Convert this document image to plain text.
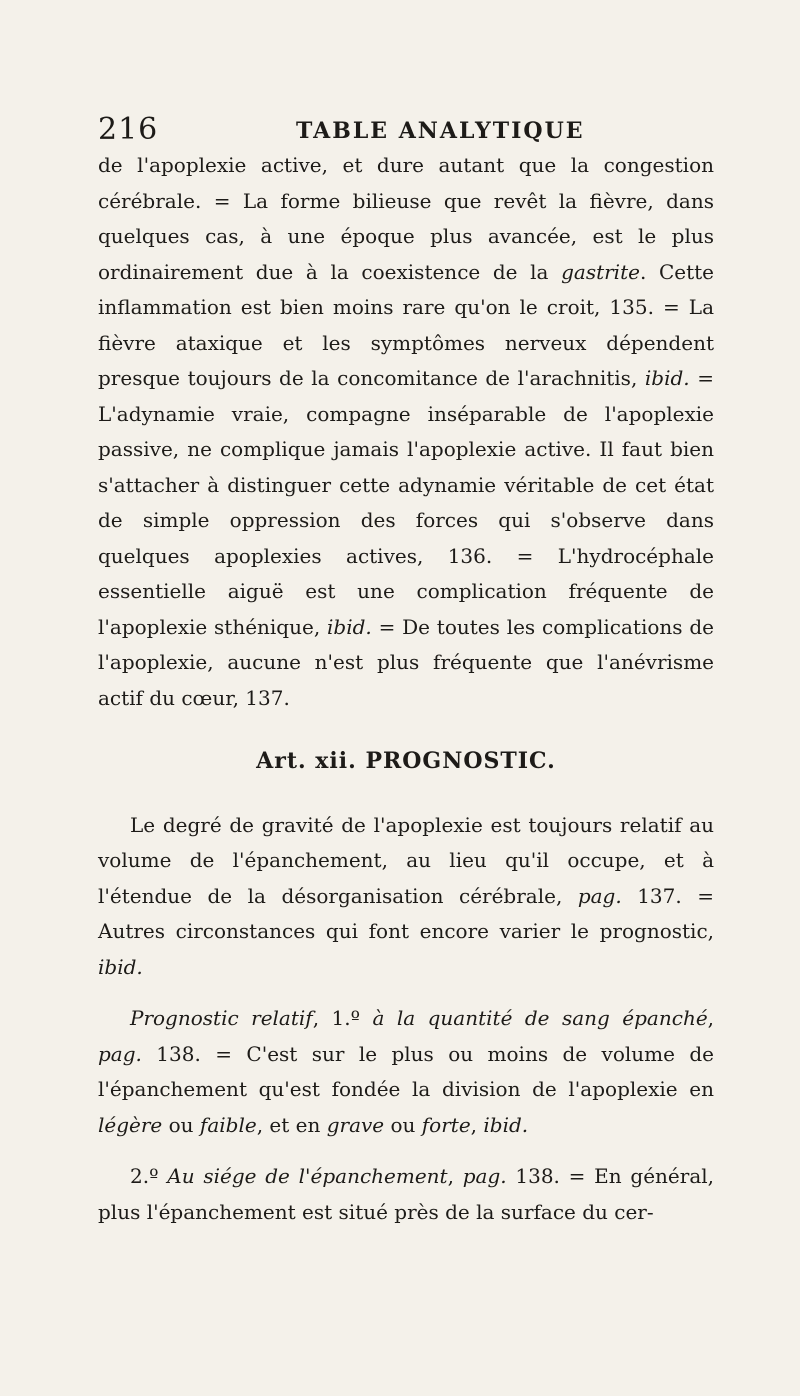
216	TABLE ANALYTIQUE

de l'apoplexie active, et dure autant que la congestion cérébrale. = La forme bilieuse que revêt la fièvre, dans quelques cas, à une époque plus avancée, est le plus ordinairement due à la coexistence de la gastrite. Cette inflammation est bien moins rare qu'on le croit, 135. = La fièvre ataxique et les symptômes nerveux dépendent presque toujours de la concomitance de l'arachnitis, ibid. = L'adynamie vraie, compagne inséparable de l'apoplexie passive, ne complique jamais l'apoplexie active. Il faut bien s'attacher à distinguer cette adynamie véritable de cet état de simple oppression des forces qui s'observe dans quelques apoplexies actives, 136. = L'hydrocéphale essentielle aiguë est une complication fréquente de l'apoplexie sthénique, ibid. = De toutes les complications de l'apoplexie, aucune n'est plus fréquente que l'anévrisme actif du cœur, 137.

Art. xii. PROGNOSTIC.

Le degré de gravité de l'apoplexie est toujours relatif au volume de l'épanchement, au lieu qu'il occupe, et à l'étendue de la désorganisation cérébrale, pag. 137. = Autres circonstances qui font encore varier le prognostic, ibid.

Prognostic relatif, 1.º à la quantité de sang épanché, pag. 138. = C'est sur le plus ou moins de volume de l'épanchement qu'est fondée la division de l'apoplexie en légère ou faible, et en grave ou forte, ibid.

2.º Au siége de l'épanchement, pag. 138. = En général, plus l'épanchement est situé près de la surface du cer-
